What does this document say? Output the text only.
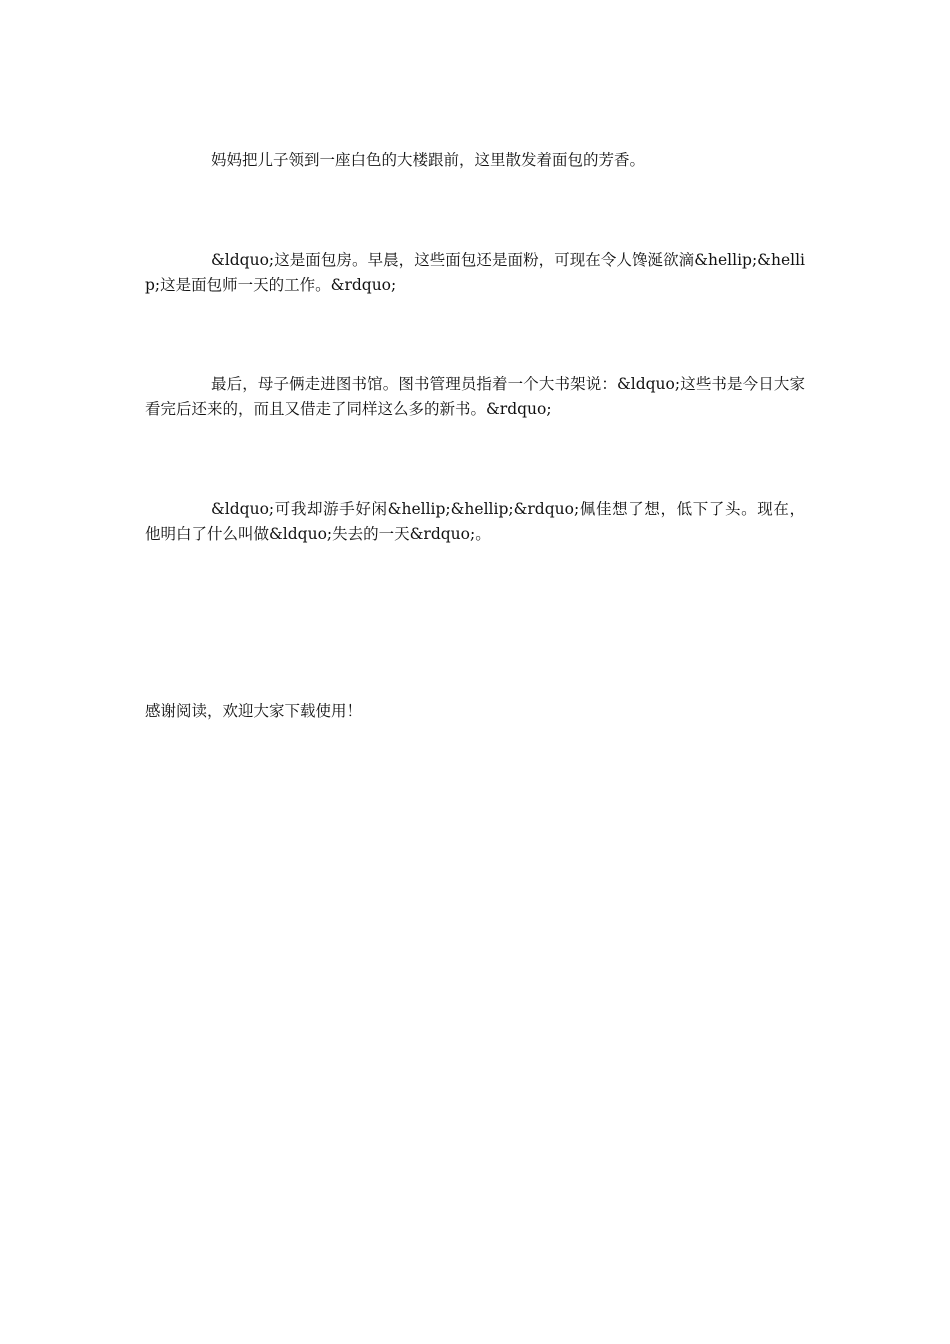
妈妈把儿子领到一座白色的大楼跟前，这里散发着面包的芳香。

&ldquo;这是面包房。早晨，这些面包还是面粉，可现在令人馋涎欲滴&hellip;&hellip;这是面包师一天的工作。&rdquo;

最后，母子俩走进图书馆。图书管理员指着一个大书架说：&ldquo;这些书是今日大家看完后还来的，而且又借走了同样这么多的新书。&rdquo;

&ldquo;可我却游手好闲&hellip;&hellip;&rdquo;佩佳想了想，低下了头。现在，他明白了什么叫做&ldquo;失去的一天&rdquo;。

感谢阅读，欢迎大家下载使用！
